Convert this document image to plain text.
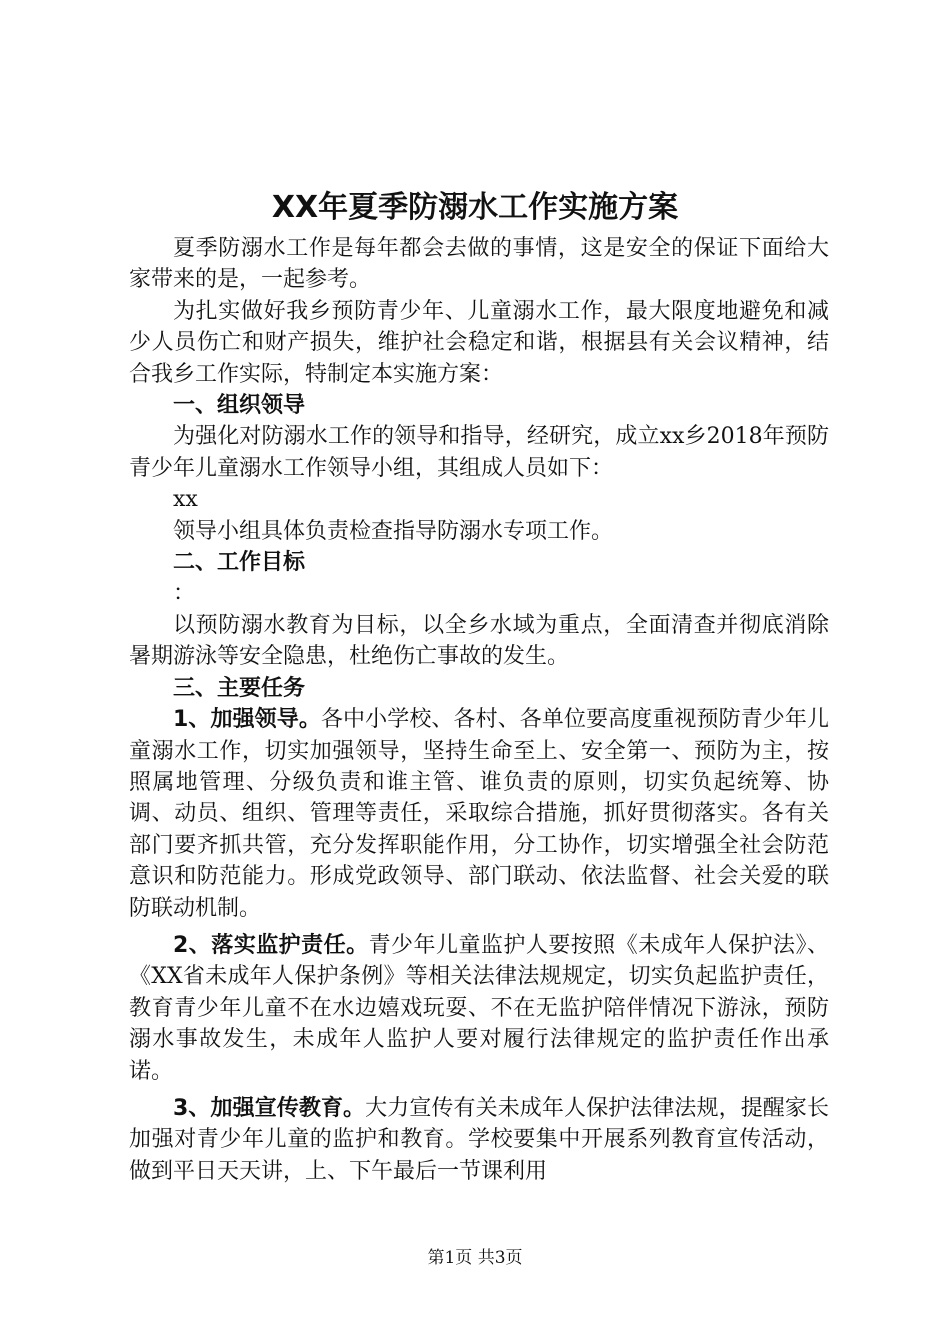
XX年夏季防溺水工作实施方案

夏季防溺水工作是每年都会去做的事情，这是安全的保证下面给大家带来的是，一起参考。

为扎实做好我乡预防青少年、儿童溺水工作，最大限度地避免和减少人员伤亡和财产损失，维护社会稳定和谐，根据县有关会议精神，结合我乡工作实际，特制定本实施方案：

一、组织领导

为强化对防溺水工作的领导和指导，经研究，成立xx乡2018年预防青少年儿童溺水工作领导小组，其组成人员如下：

xx

领导小组具体负责检查指导防溺水专项工作。

二、工作目标

：

以预防溺水教育为目标，以全乡水域为重点，全面清查并彻底消除暑期游泳等安全隐患，杜绝伤亡事故的发生。

三、主要任务

1、加强领导。各中小学校、各村、各单位要高度重视预防青少年儿童溺水工作，切实加强领导，坚持生命至上、安全第一、预防为主，按照属地管理、分级负责和谁主管、谁负责的原则，切实负起统筹、协调、动员、组织、管理等责任，采取综合措施，抓好贯彻落实。各有关部门要齐抓共管，充分发挥职能作用，分工协作，切实增强全社会防范意识和防范能力。形成党政领导、部门联动、依法监督、社会关爱的联防联动机制。

2、落实监护责任。青少年儿童监护人要按照《未成年人保护法》、《XX省未成年人保护条例》等相关法律法规规定，切实负起监护责任，教育青少年儿童不在水边嬉戏玩耍、不在无监护陪伴情况下游泳，预防溺水事故发生，未成年人监护人要对履行法律规定的监护责任作出承诺。

3、加强宣传教育。大力宣传有关未成年人保护法律法规，提醒家长加强对青少年儿童的监护和教育。学校要集中开展系列教育宣传活动，做到平日天天讲，上、下午最后一节课利用

第1页 共3页
